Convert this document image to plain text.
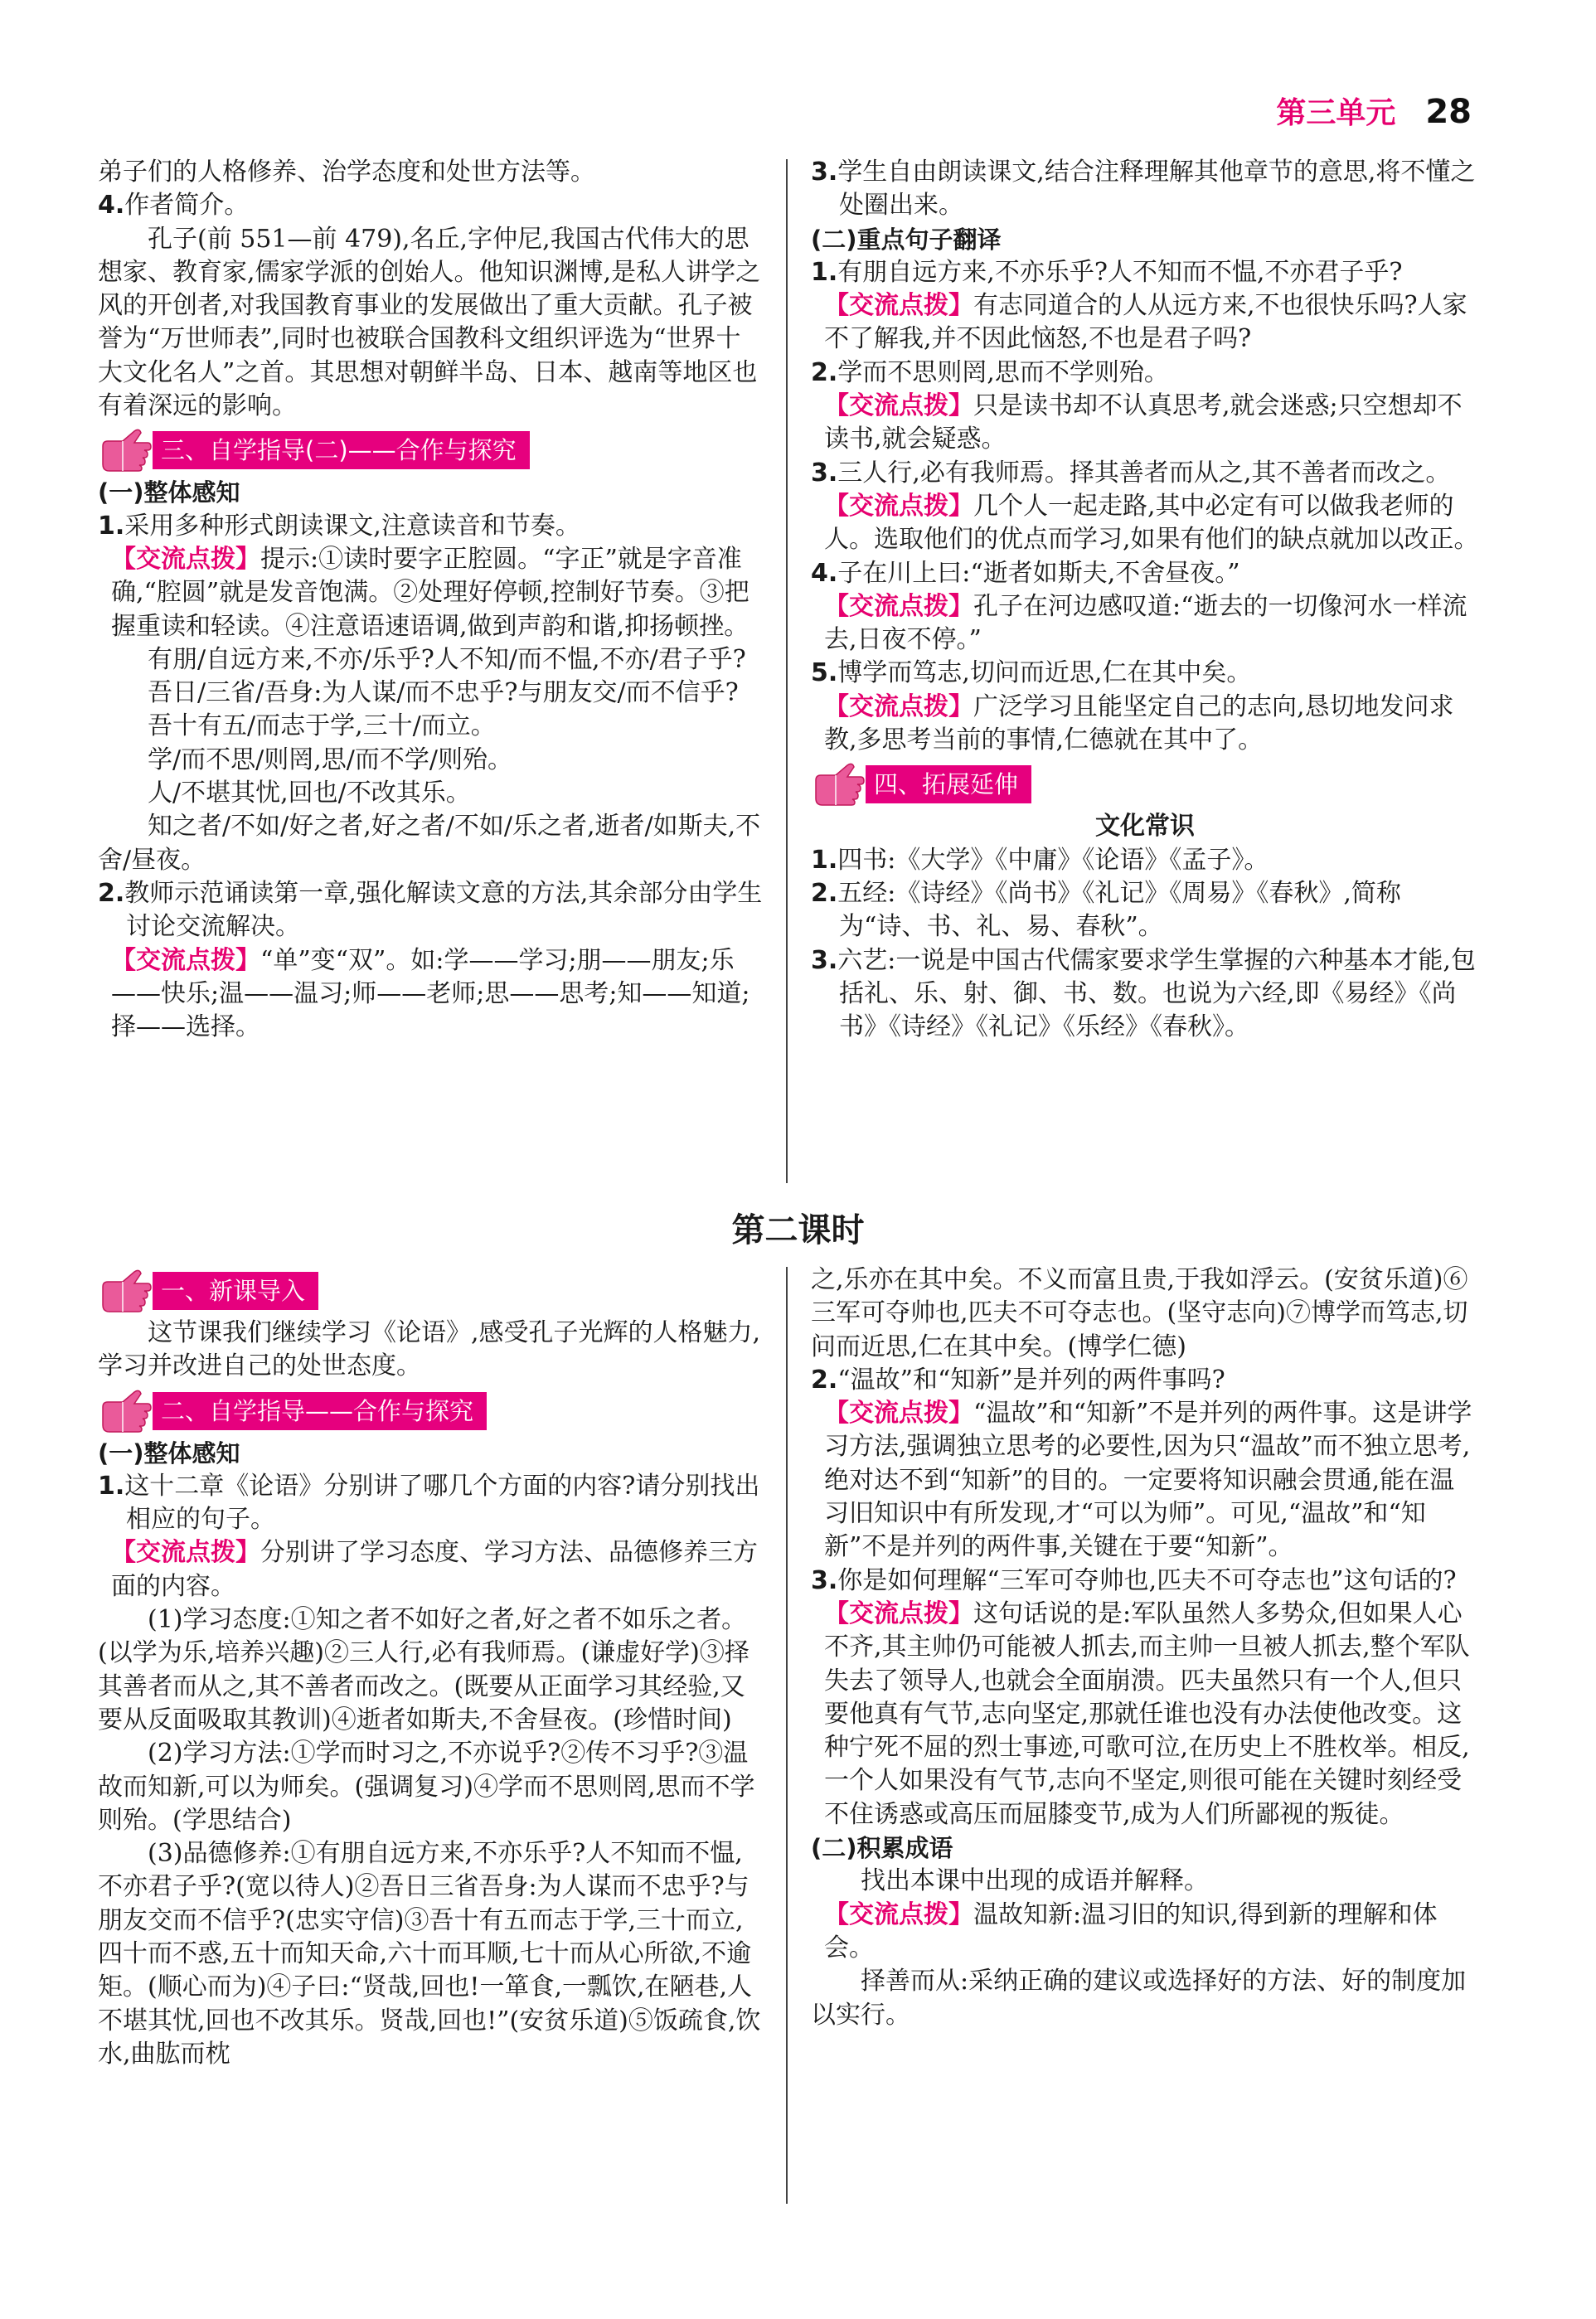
第三单元 28

弟子们的人格修养、治学态度和处世方法等。

4.作者简介。

孔子(前 551—前 479),名丘,字仲尼,我国古代伟大的思想家、教育家,儒家学派的创始人。他知识渊博,是私人讲学之风的开创者,对我国教育事业的发展做出了重大贡献。孔子被誉为“万世师表”,同时也被联合国教科文组织评选为“世界十大文化名人”之首。其思想对朝鲜半岛、日本、越南等地区也有着深远的影响。

三、自学指导(二)——合作与探究

(一)整体感知

1.采用多种形式朗读课文,注意读音和节奏。

【交流点拨】提示:①读时要字正腔圆。“字正”就是字音准确,“腔圆”就是发音饱满。②处理好停顿,控制好节奏。③把握重读和轻读。④注意语速语调,做到声韵和谐,抑扬顿挫。

有朋/自远方来,不亦/乐乎?人不知/而不愠,不亦/君子乎?

吾日/三省/吾身:为人谋/而不忠乎?与朋友交/而不信乎?

吾十有五/而志于学,三十/而立。

学/而不思/则罔,思/而不学/则殆。

人/不堪其忧,回也/不改其乐。

知之者/不如/好之者,好之者/不如/乐之者,逝者/如斯夫,不舍/昼夜。

2.教师示范诵读第一章,强化解读文意的方法,其余部分由学生讨论交流解决。

【交流点拨】“单”变“双”。如:学——学习;朋——朋友;乐——快乐;温——温习;师——老师;思——思考;知——知道;择——选择。

3.学生自由朗读课文,结合注释理解其他章节的意思,将不懂之处圈出来。

(二)重点句子翻译

1.有朋自远方来,不亦乐乎?人不知而不愠,不亦君子乎?

【交流点拨】有志同道合的人从远方来,不也很快乐吗?人家不了解我,并不因此恼怒,不也是君子吗?

2.学而不思则罔,思而不学则殆。

【交流点拨】只是读书却不认真思考,就会迷惑;只空想却不读书,就会疑惑。

3.三人行,必有我师焉。择其善者而从之,其不善者而改之。

【交流点拨】几个人一起走路,其中必定有可以做我老师的人。选取他们的优点而学习,如果有他们的缺点就加以改正。

4.子在川上曰:“逝者如斯夫,不舍昼夜。”

【交流点拨】孔子在河边感叹道:“逝去的一切像河水一样流去,日夜不停。”

5.博学而笃志,切问而近思,仁在其中矣。

【交流点拨】广泛学习且能坚定自己的志向,恳切地发问求教,多思考当前的事情,仁德就在其中了。

四、拓展延伸

文化常识

1.四书:《大学》《中庸》《论语》《孟子》。

2.五经:《诗经》《尚书》《礼记》《周易》《春秋》,简称为“诗、书、礼、易、春秋”。

3.六艺:一说是中国古代儒家要求学生掌握的六种基本才能,包括礼、乐、射、御、书、数。也说为六经,即《易经》《尚书》《诗经》《礼记》《乐经》《春秋》。

第二课时
一、新课导入

这节课我们继续学习《论语》,感受孔子光辉的人格魅力,学习并改进自己的处世态度。

二、自学指导——合作与探究

(一)整体感知

1.这十二章《论语》分别讲了哪几个方面的内容?请分别找出相应的句子。

【交流点拨】分别讲了学习态度、学习方法、品德修养三方面的内容。

(1)学习态度:①知之者不如好之者,好之者不如乐之者。(以学为乐,培养兴趣)②三人行,必有我师焉。(谦虚好学)③择其善者而从之,其不善者而改之。(既要从正面学习其经验,又要从反面吸取其教训)④逝者如斯夫,不舍昼夜。(珍惜时间)

(2)学习方法:①学而时习之,不亦说乎?②传不习乎?③温故而知新,可以为师矣。(强调复习)④学而不思则罔,思而不学则殆。(学思结合)

(3)品德修养:①有朋自远方来,不亦乐乎?人不知而不愠,不亦君子乎?(宽以待人)②吾日三省吾身:为人谋而不忠乎?与朋友交而不信乎?(忠实守信)③吾十有五而志于学,三十而立,四十而不惑,五十而知天命,六十而耳顺,七十而从心所欲,不逾矩。(顺心而为)④子曰:“贤哉,回也!一箪食,一瓢饮,在陋巷,人不堪其忧,回也不改其乐。贤哉,回也!”(安贫乐道)⑤饭疏食,饮水,曲肱而枕

之,乐亦在其中矣。不义而富且贵,于我如浮云。(安贫乐道)⑥三军可夺帅也,匹夫不可夺志也。(坚守志向)⑦博学而笃志,切问而近思,仁在其中矣。(博学仁德)

2.“温故”和“知新”是并列的两件事吗?

【交流点拨】“温故”和“知新”不是并列的两件事。这是讲学习方法,强调独立思考的必要性,因为只“温故”而不独立思考,绝对达不到“知新”的目的。一定要将知识融会贯通,能在温习旧知识中有所发现,才“可以为师”。可见,“温故”和“知新”不是并列的两件事,关键在于要“知新”。

3.你是如何理解“三军可夺帅也,匹夫不可夺志也”这句话的?

【交流点拨】这句话说的是:军队虽然人多势众,但如果人心不齐,其主帅仍可能被人抓去,而主帅一旦被人抓去,整个军队失去了领导人,也就会全面崩溃。匹夫虽然只有一个人,但只要他真有气节,志向坚定,那就任谁也没有办法使他改变。这种宁死不屈的烈士事迹,可歌可泣,在历史上不胜枚举。相反,一个人如果没有气节,志向不坚定,则很可能在关键时刻经受不住诱惑或高压而屈膝变节,成为人们所鄙视的叛徒。

(二)积累成语

找出本课中出现的成语并解释。

【交流点拨】温故知新:温习旧的知识,得到新的理解和体会。

择善而从:采纳正确的建议或选择好的方法、好的制度加以实行。
